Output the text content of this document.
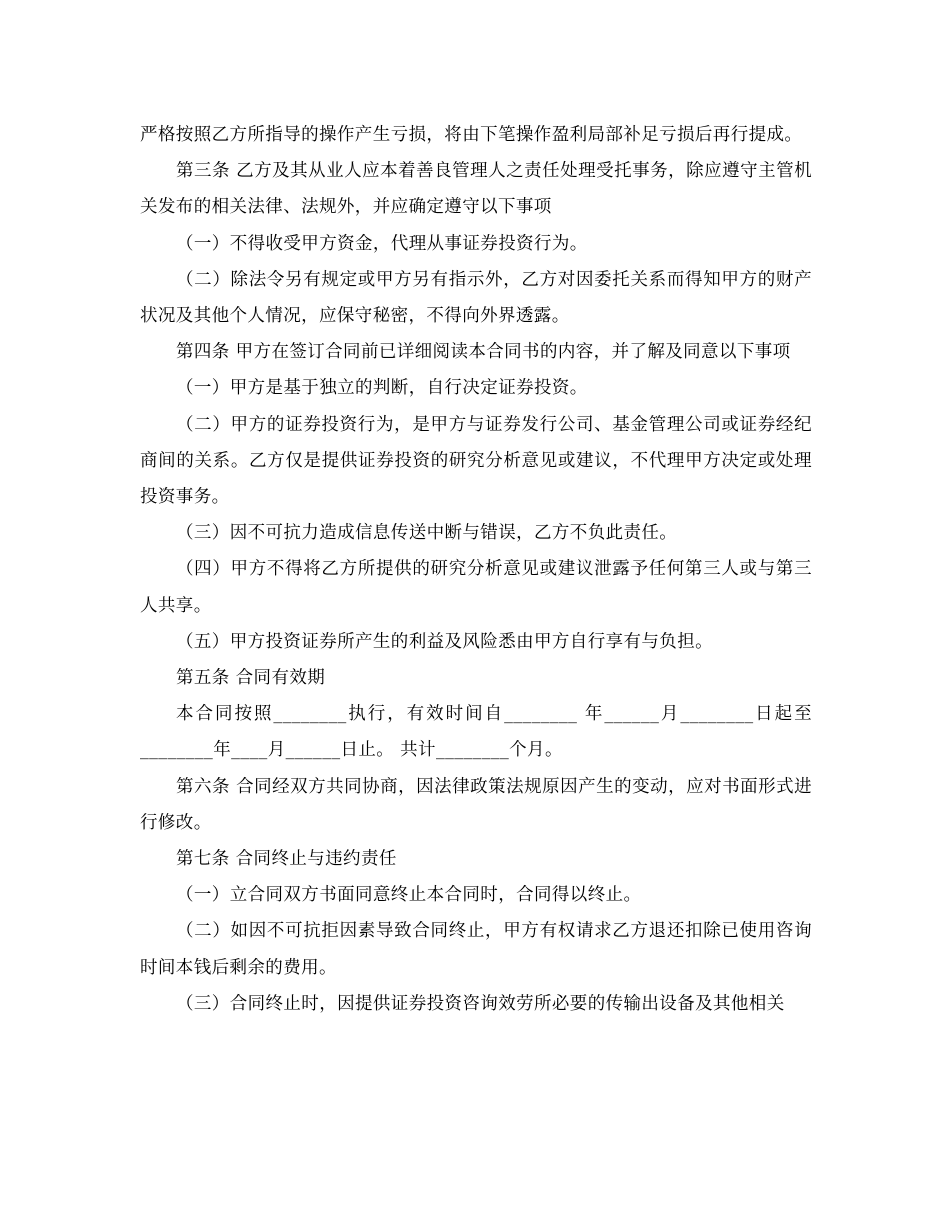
严格按照乙方所指导的操作产生亏损，将由下笔操作盈利局部补足亏损后再行提成。

第三条 乙方及其从业人应本着善良管理人之责任处理受托事务，除应遵守主管机关发布的相关法律、法规外，并应确定遵守以下事项

（一）不得收受甲方资金，代理从事证券投资行为。

（二）除法令另有规定或甲方另有指示外，乙方对因委托关系而得知甲方的财产状况及其他个人情况，应保守秘密，不得向外界透露。

第四条 甲方在签订合同前已详细阅读本合同书的内容，并了解及同意以下事项

（一）甲方是基于独立的判断，自行决定证券投资。

（二）甲方的证券投资行为，是甲方与证券发行公司、基金管理公司或证券经纪商间的关系。乙方仅是提供证券投资的研究分析意见或建议，不代理甲方决定或处理投资事务。

（三）因不可抗力造成信息传送中断与错误，乙方不负此责任。

（四）甲方不得将乙方所提供的研究分析意见或建议泄露予任何第三人或与第三人共享。

（五）甲方投资证券所产生的利益及风险悉由甲方自行享有与负担。

第五条 合同有效期

本合同按照________执行，有效时间自________ 年______月________日起至________年____月______日止。 共计________个月。

第六条 合同经双方共同协商，因法律政策法规原因产生的变动，应对书面形式进行修改。

第七条 合同终止与违约责任

（一）立合同双方书面同意终止本合同时，合同得以终止。

（二）如因不可抗拒因素导致合同终止，甲方有权请求乙方退还扣除已使用咨询时间本钱后剩余的费用。

（三）合同终止时，因提供证券投资咨询效劳所必要的传输出设备及其他相关
